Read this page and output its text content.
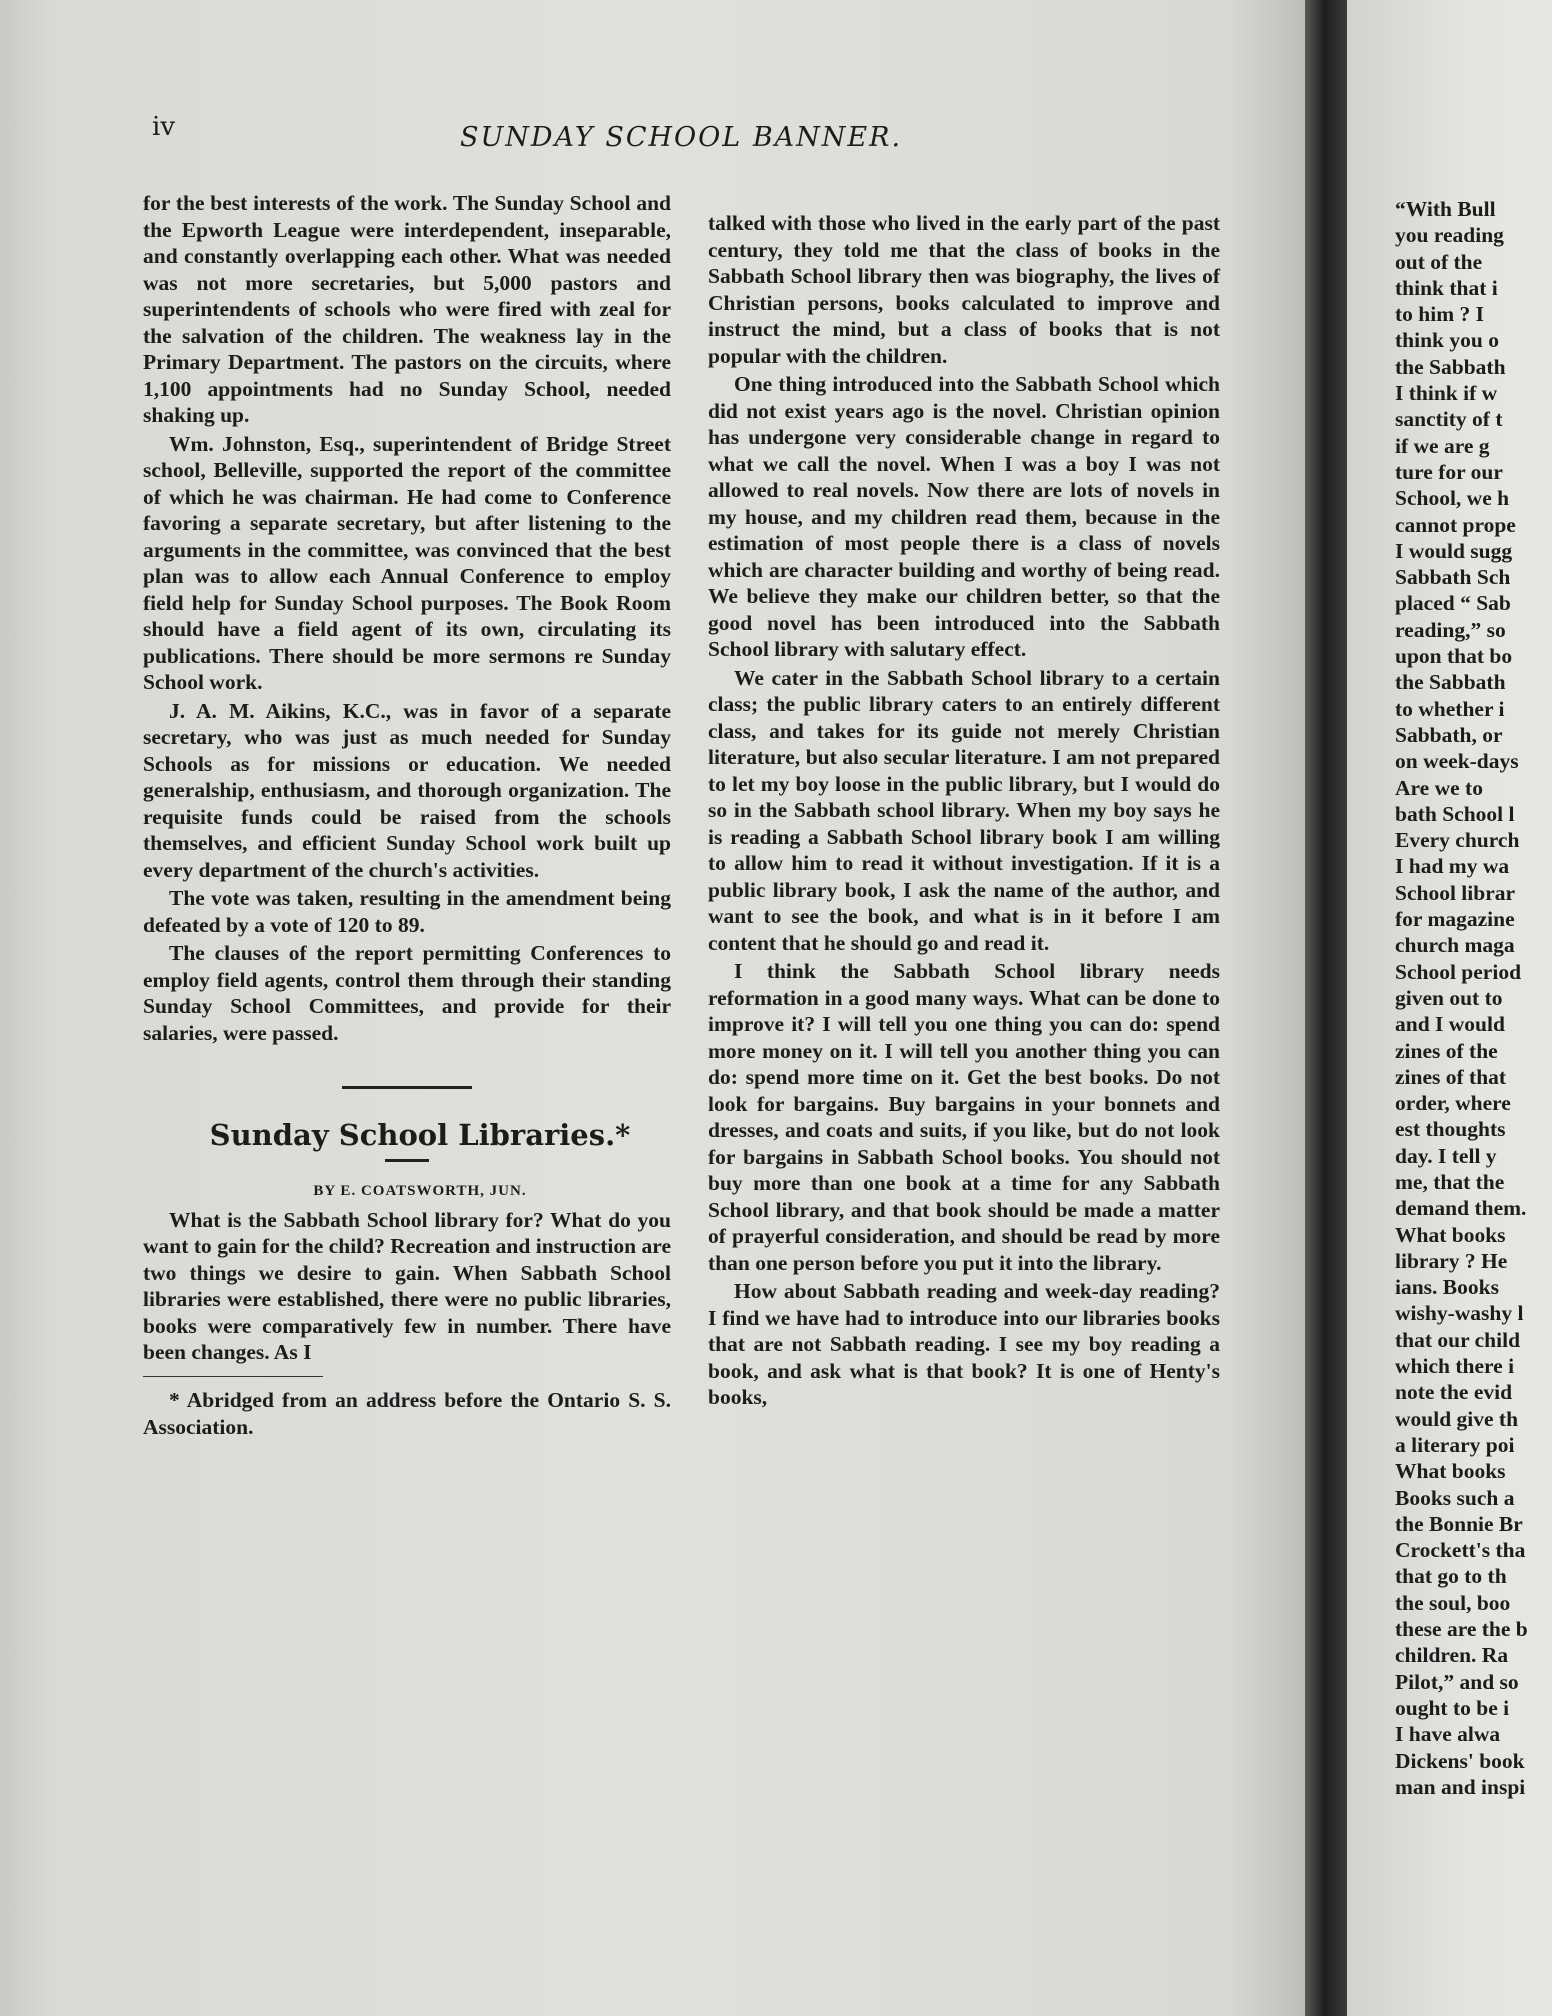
iv	SUNDAY SCHOOL BANNER.

for the best interests of the work. The Sunday School and the Epworth League were interdependent, inseparable, and constantly overlapping each other. What was needed was not more secretaries, but 5,000 pastors and superintendents of schools who were fired with zeal for the salvation of the children. The weakness lay in the Primary Department. The pastors on the circuits, where 1,100 appointments had no Sunday School, needed shaking up.

Wm. Johnston, Esq., superintendent of Bridge Street school, Belleville, supported the report of the committee of which he was chairman. He had come to Conference favoring a separate secretary, but after listening to the arguments in the committee, was convinced that the best plan was to allow each Annual Conference to employ field help for Sunday School purposes. The Book Room should have a field agent of its own, circulating its publications. There should be more sermons re Sunday School work.

J. A. M. Aikins, K.C., was in favor of a separate secretary, who was just as much needed for Sunday Schools as for missions or education. We needed generalship, enthusiasm, and thorough organization. The requisite funds could be raised from the schools themselves, and efficient Sunday School work built up every department of the church's activities.

The vote was taken, resulting in the amendment being defeated by a vote of 120 to 89.

The clauses of the report permitting Conferences to employ field agents, control them through their standing Sunday School Committees, and provide for their salaries, were passed.

Sunday School Libraries.*

BY E. COATSWORTH, JUN.

What is the Sabbath School library for? What do you want to gain for the child? Recreation and instruction are two things we desire to gain. When Sabbath School libraries were established, there were no public libraries, books were comparatively few in number. There have been changes. As I

* Abridged from an address before the Ontario S. S. Association.

talked with those who lived in the early part of the past century, they told me that the class of books in the Sabbath School library then was biography, the lives of Christian persons, books calculated to improve and instruct the mind, but a class of books that is not popular with the children.

One thing introduced into the Sabbath School which did not exist years ago is the novel. Christian opinion has undergone very considerable change in regard to what we call the novel. When I was a boy I was not allowed to real novels. Now there are lots of novels in my house, and my children read them, because in the estimation of most people there is a class of novels which are character building and worthy of being read. We believe they make our children better, so that the good novel has been introduced into the Sabbath School library with salutary effect.

We cater in the Sabbath School library to a certain class; the public library caters to an entirely different class, and takes for its guide not merely Christian literature, but also secular literature. I am not prepared to let my boy loose in the public library, but I would do so in the Sabbath school library. When my boy says he is reading a Sabbath School library book I am willing to allow him to read it without investigation. If it is a public library book, I ask the name of the author, and want to see the book, and what is in it before I am content that he should go and read it.

I think the Sabbath School library needs reformation in a good many ways. What can be done to improve it? I will tell you one thing you can do: spend more money on it. I will tell you another thing you can do: spend more time on it. Get the best books. Do not look for bargains. Buy bargains in your bonnets and dresses, and coats and suits, if you like, but do not look for bargains in Sabbath School books. You should not buy more than one book at a time for any Sabbath School library, and that book should be made a matter of prayerful consideration, and should be read by more than one person before you put it into the library.

How about Sabbath reading and week-day reading? I find we have had to introduce into our libraries books that are not Sabbath reading. I see my boy reading a book, and ask what is that book? It is one of Henty's books,

“With Bull
you reading
out of the
think that i
to him ? I
think you o
the Sabbath
I think if w
sanctity of t
if we are g
ture for our
School, we h
cannot prope
I would sugg
Sabbath Sch
placed “ Sab
reading,” so
upon that bo
the Sabbath
to whether i
Sabbath, or
on week-days
Are we to
bath School l
Every church
I had my wa
School librar
for magazine
church maga
School period
given out to
and I would
zines of the
zines of that
order, where
est thoughts
day. I tell y
me, that the
demand them.
What books
library ? He
ians. Books
wishy-washy l
that our child
which there i
note the evid
would give th
a literary poi
What books
Books such a
the Bonnie Br
Crockett's tha
that go to th
the soul, boo
these are the b
children. Ra
Pilot,” and so
ought to be i
I have alwa
Dickens' book
man and inspi
